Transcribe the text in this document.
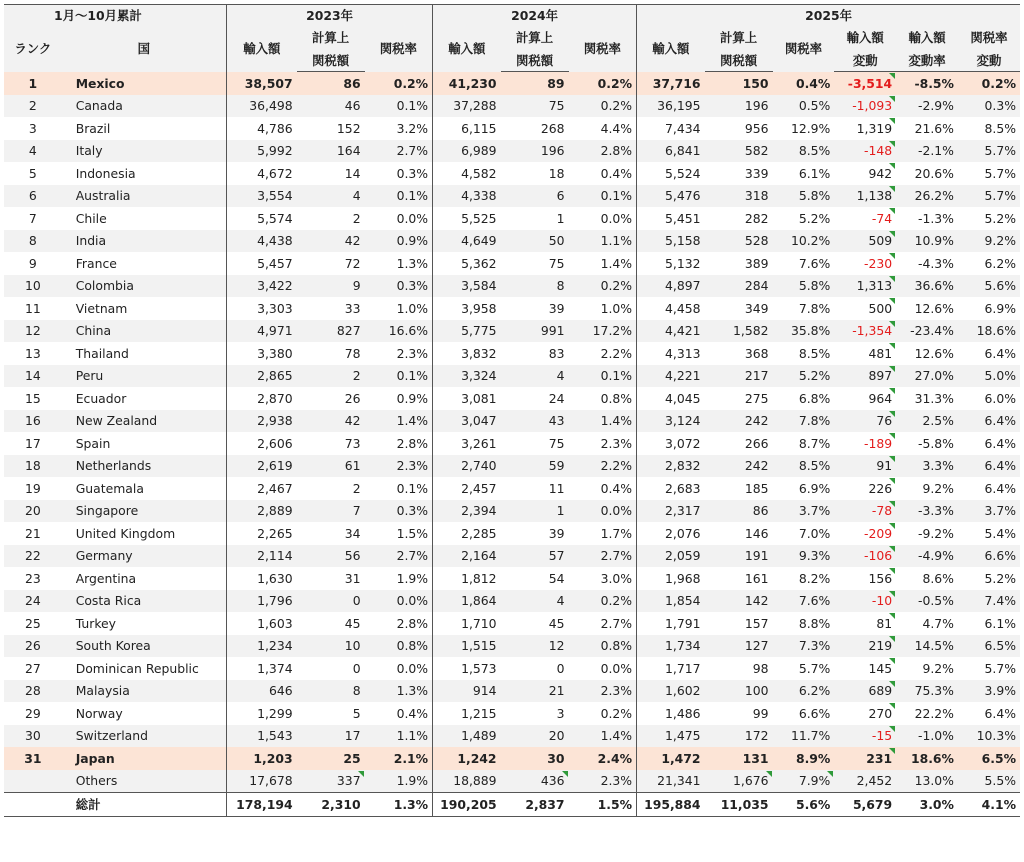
1月～10月累計		2023年			2024年			2025年					
ランク	国	輸入額	計算上	関税率	輸入額	計算上	関税率	輸入額	計算上	関税率	輸入額	輸入額	関税率
			関税額			関税額			関税額		変動	変動率	変動
1	Mexico	38,507	86	0.2%	41,230	89	0.2%	37,716	150	0.4%	-3,514	-8.5%	0.2%
2	Canada	36,498	46	0.1%	37,288	75	0.2%	36,195	196	0.5%	-1,093	-2.9%	0.3%
3	Brazil	4,786	152	3.2%	6,115	268	4.4%	7,434	956	12.9%	1,319	21.6%	8.5%
4	Italy	5,992	164	2.7%	6,989	196	2.8%	6,841	582	8.5%	-148	-2.1%	5.7%
5	Indonesia	4,672	14	0.3%	4,582	18	0.4%	5,524	339	6.1%	942	20.6%	5.7%
6	Australia	3,554	4	0.1%	4,338	6	0.1%	5,476	318	5.8%	1,138	26.2%	5.7%
7	Chile	5,574	2	0.0%	5,525	1	0.0%	5,451	282	5.2%	-74	-1.3%	5.2%
8	India	4,438	42	0.9%	4,649	50	1.1%	5,158	528	10.2%	509	10.9%	9.2%
9	France	5,457	72	1.3%	5,362	75	1.4%	5,132	389	7.6%	-230	-4.3%	6.2%
10	Colombia	3,422	9	0.3%	3,584	8	0.2%	4,897	284	5.8%	1,313	36.6%	5.6%
11	Vietnam	3,303	33	1.0%	3,958	39	1.0%	4,458	349	7.8%	500	12.6%	6.9%
12	China	4,971	827	16.6%	5,775	991	17.2%	4,421	1,582	35.8%	-1,354	-23.4%	18.6%
13	Thailand	3,380	78	2.3%	3,832	83	2.2%	4,313	368	8.5%	481	12.6%	6.4%
14	Peru	2,865	2	0.1%	3,324	4	0.1%	4,221	217	5.2%	897	27.0%	5.0%
15	Ecuador	2,870	26	0.9%	3,081	24	0.8%	4,045	275	6.8%	964	31.3%	6.0%
16	New Zealand	2,938	42	1.4%	3,047	43	1.4%	3,124	242	7.8%	76	2.5%	6.4%
17	Spain	2,606	73	2.8%	3,261	75	2.3%	3,072	266	8.7%	-189	-5.8%	6.4%
18	Netherlands	2,619	61	2.3%	2,740	59	2.2%	2,832	242	8.5%	91	3.3%	6.4%
19	Guatemala	2,467	2	0.1%	2,457	11	0.4%	2,683	185	6.9%	226	9.2%	6.4%
20	Singapore	2,889	7	0.3%	2,394	1	0.0%	2,317	86	3.7%	-78	-3.3%	3.7%
21	United Kingdom	2,265	34	1.5%	2,285	39	1.7%	2,076	146	7.0%	-209	-9.2%	5.4%
22	Germany	2,114	56	2.7%	2,164	57	2.7%	2,059	191	9.3%	-106	-4.9%	6.6%
23	Argentina	1,630	31	1.9%	1,812	54	3.0%	1,968	161	8.2%	156	8.6%	5.2%
24	Costa Rica	1,796	0	0.0%	1,864	4	0.2%	1,854	142	7.6%	-10	-0.5%	7.4%
25	Turkey	1,603	45	2.8%	1,710	45	2.7%	1,791	157	8.8%	81	4.7%	6.1%
26	South Korea	1,234	10	0.8%	1,515	12	0.8%	1,734	127	7.3%	219	14.5%	6.5%
27	Dominican Republic	1,374	0	0.0%	1,573	0	0.0%	1,717	98	5.7%	145	9.2%	5.7%
28	Malaysia	646	8	1.3%	914	21	2.3%	1,602	100	6.2%	689	75.3%	3.9%
29	Norway	1,299	5	0.4%	1,215	3	0.2%	1,486	99	6.6%	270	22.2%	6.4%
30	Switzerland	1,543	17	1.1%	1,489	20	1.4%	1,475	172	11.7%	-15	-1.0%	10.3%
31	Japan	1,203	25	2.1%	1,242	30	2.4%	1,472	131	8.9%	231	18.6%	6.5%
	Others	17,678	337	1.9%	18,889	436	2.3%	21,341	1,676	7.9%	2,452	13.0%	5.5%
	総計	178,194	2,310	1.3%	190,205	2,837	1.5%	195,884	11,035	5.6%	5,679	3.0%	4.1%
